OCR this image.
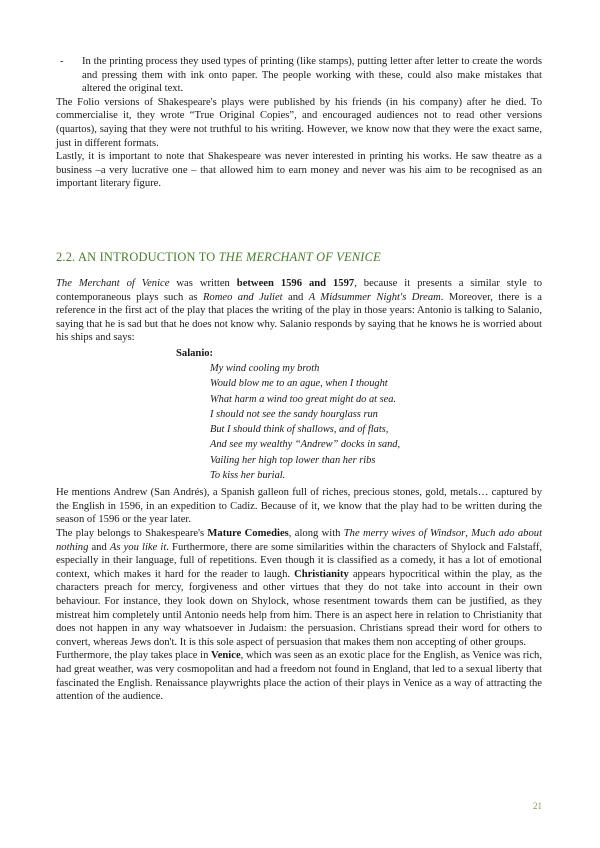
-	In the printing process they used types of printing (like stamps), putting letter after letter to create the words and pressing them with ink onto paper. The people working with these, could also make mistakes that altered the original text.

The Folio versions of Shakespeare's plays were published by his friends (in his company) after he died. To commercialise it, they wrote “True Original Copies”, and encouraged audiences not to read other versions (quartos), saying that they were not truthful to his writing. However, we know now that they were the exact same, just in different formats.

Lastly, it is important to note that Shakespeare was never interested in printing his works. He saw theatre as a business –a very lucrative one – that allowed him to earn money and never was his aim to be recognised as an important literary figure.

2.2. AN INTRODUCTION TO THE MERCHANT OF VENICE

The Merchant of Venice was written between 1596 and 1597, because it presents a similar style to contemporaneous plays such as Romeo and Juliet and A Midsummer Night's Dream. Moreover, there is a reference in the first act of the play that places the writing of the play in those years: Antonio is talking to Salanio, saying that he is sad but that he does not know why. Salanio responds by saying that he knows he is worried about his ships and says:

Salanio:
My wind cooling my broth
Would blow me to an ague, when I thought
What harm a wind too great might do at sea.
I should not see the sandy hourglass run
But I should think of shallows, and of flats,
And see my wealthy “Andrew” docks in sand,
Vailing her high top lower than her ribs
To kiss her burial.

He mentions Andrew (San Andrés), a Spanish galleon full of riches, precious stones, gold, metals… captured by the English in 1596, in an expedition to Cadiz. Because of it, we know that the play had to be written during the season of 1596 or the year later.

The play belongs to Shakespeare's Mature Comedies, along with The merry wives of Windsor, Much ado about nothing and As you like it. Furthermore, there are some similarities within the characters of Shylock and Falstaff, especially in their language, full of repetitions. Even though it is classified as a comedy, it has a lot of emotional context, which makes it hard for the reader to laugh. Christianity appears hypocritical within the play, as the characters preach for mercy, forgiveness and other virtues that they do not take into account in their own behaviour. For instance, they look down on Shylock, whose resentment towards them can be justified, as they mistreat him completely until Antonio needs help from him. There is an aspect here in relation to Christianity that does not happen in any way whatsoever in Judaism: the persuasion. Christians spread their word for others to convert, whereas Jews don't. It is this sole aspect of persuasion that makes them non accepting of other groups.

Furthermore, the play takes place in Venice, which was seen as an exotic place for the English, as Venice was rich, had great weather, was very cosmopolitan and had a freedom not found in England, that led to a sexual liberty that fascinated the English. Renaissance playwrights place the action of their plays in Venice as a way of attracting the attention of the audience.

21
